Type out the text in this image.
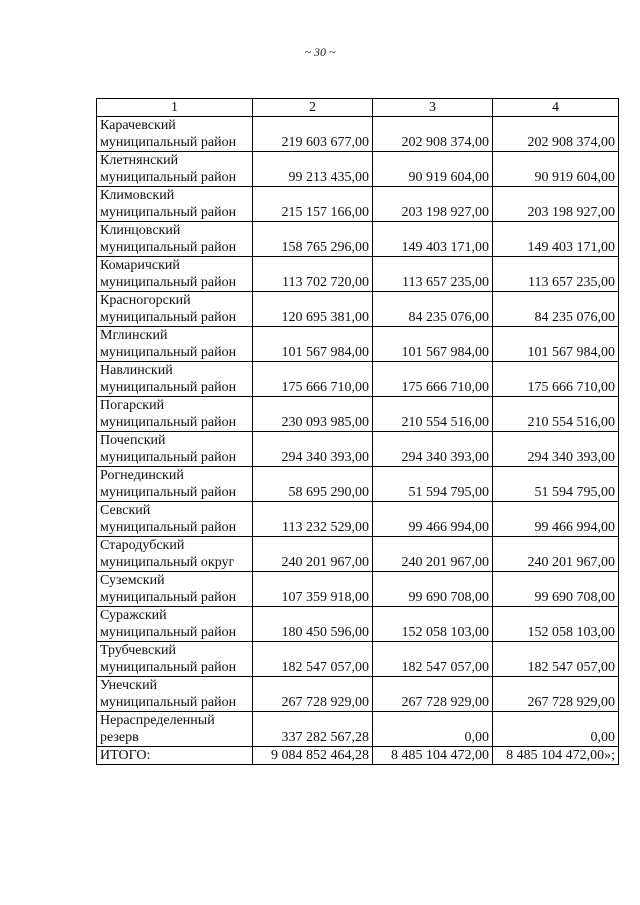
~ 30 ~
1	2	3	4

Карачевский
муниципальный район	219 603 677,00	202 908 374,00	202 908 374,00

Клетнянский
муниципальный район	99 213 435,00	90 919 604,00	90 919 604,00

Климовский
муниципальный район	215 157 166,00	203 198 927,00	203 198 927,00

Клинцовский
муниципальный район	158 765 296,00	149 403 171,00	149 403 171,00

Комаричский
муниципальный район	113 702 720,00	113 657 235,00	113 657 235,00

Красногорский
муниципальный район	120 695 381,00	84 235 076,00	84 235 076,00

Мглинский
муниципальный район	101 567 984,00	101 567 984,00	101 567 984,00

Навлинский
муниципальный район	175 666 710,00	175 666 710,00	175 666 710,00

Погарский
муниципальный район	230 093 985,00	210 554 516,00	210 554 516,00

Почепский
муниципальный район	294 340 393,00	294 340 393,00	294 340 393,00

Рогнединский
муниципальный район	58 695 290,00	51 594 795,00	51 594 795,00

Севский
муниципальный район	113 232 529,00	99 466 994,00	99 466 994,00

Стародубский
муниципальный округ	240 201 967,00	240 201 967,00	240 201 967,00

Суземский
муниципальный район	107 359 918,00	99 690 708,00	99 690 708,00

Суражский
муниципальный район	180 450 596,00	152 058 103,00	152 058 103,00

Трубчевский
муниципальный район	182 547 057,00	182 547 057,00	182 547 057,00

Унечский
муниципальный район	267 728 929,00	267 728 929,00	267 728 929,00

Нераспределенный
резерв	337 282 567,28	0,00	0,00
ИТОГО:	9 084 852 464,28	8 485 104 472,00	8 485 104 472,00»;
